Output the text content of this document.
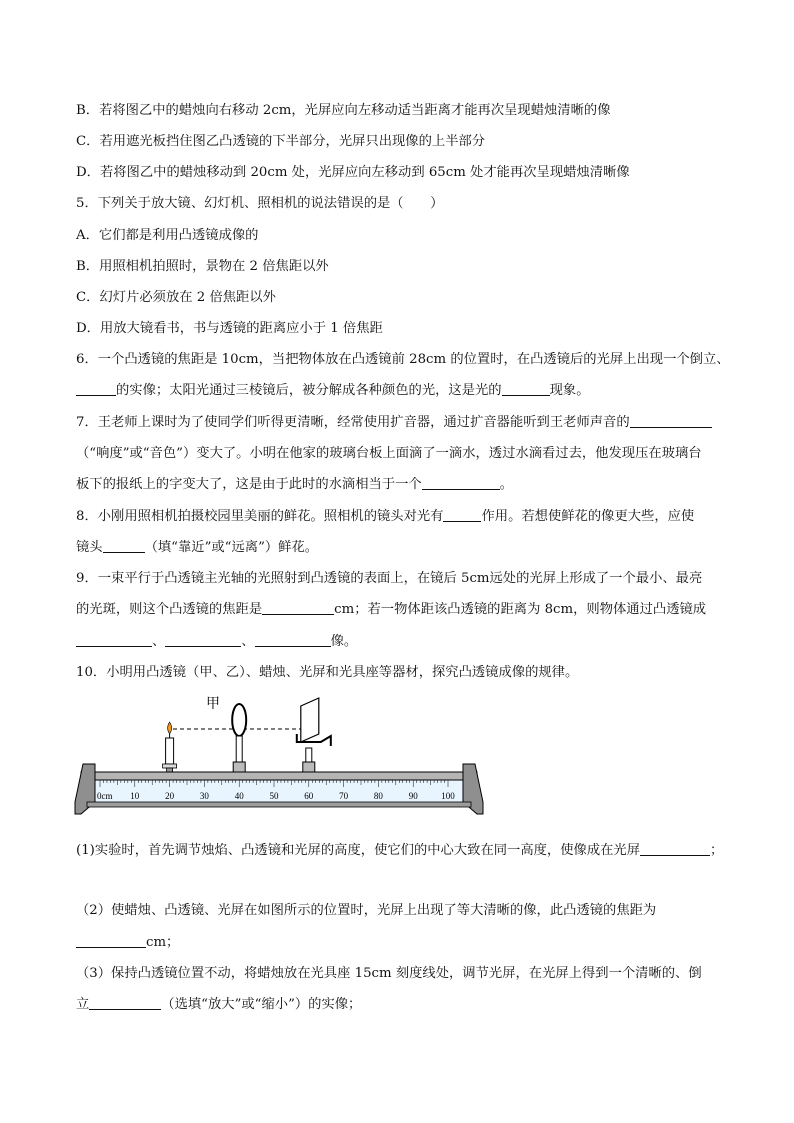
B．若将图乙中的蜡烛向右移动 2cm，光屏应向左移动适当距离才能再次呈现蜡烛清晰的像
C．若用遮光板挡住图乙凸透镜的下半部分，光屏只出现像的上半部分
D．若将图乙中的蜡烛移动到 20cm 处，光屏应向左移动到 65cm 处才能再次呈现蜡烛清晰像
5．下列关于放大镜、幻灯机、照相机的说法错误的是（　　）
A．它们都是利用凸透镜成像的
B．用照相机拍照时，景物在 2 倍焦距以外
C．幻灯片必须放在 2 倍焦距以外
D．用放大镜看书，书与透镜的距离应小于 1 倍焦距
6．一个凸透镜的焦距是 10cm，当把物体放在凸透镜前 28cm 的位置时，在凸透镜后的光屏上出现一个倒立、
的实像；太阳光通过三棱镜后，被分解成各种颜色的光，这是光的	现象。
7．王老师上课时为了使同学们听得更清晰，经常使用扩音器，通过扩音器能听到王老师声音的
（“响度”或“音色”）变大了。小明在他家的玻璃台板上面滴了一滴水，透过水滴看过去，他发现压在玻璃台
板下的报纸上的字变大了，这是由于此时的水滴相当于一个	。
8．小刚用照相机拍摄校园里美丽的鲜花。照相机的镜头对光有	作用。若想使鲜花的像更大些，应使
镜头	（填“靠近”或“远离”）鲜花。
9．一束平行于凸透镜主光轴的光照射到凸透镜的表面上，在镜后 5cm远处的光屏上形成了一个最小、最亮
的光斑，则这个凸透镜的焦距是	cm；若一物体距该凸透镜的距离为 8cm，则物体通过凸透镜成
、	、	像。
10．小明用凸透镜（甲、乙）、蜡烛、光屏和光具座等器材，探究凸透镜成像的规律。
甲
0cm 10	20	30	40	50	60	70	80	90	100
(1)实验时，首先调节烛焰、凸透镜和光屏的高度，使它们的中心大致在同一高度，使像成在光屏	；
（2）使蜡烛、凸透镜、光屏在如图所示的位置时，光屏上出现了等大清晰的像，此凸透镜的焦距为
cm；
（3）保持凸透镜位置不动，将蜡烛放在光具座 15cm 刻度线处，调节光屏，在光屏上得到一个清晰的、倒
立	（选填“放大”或“缩小”）的实像；
